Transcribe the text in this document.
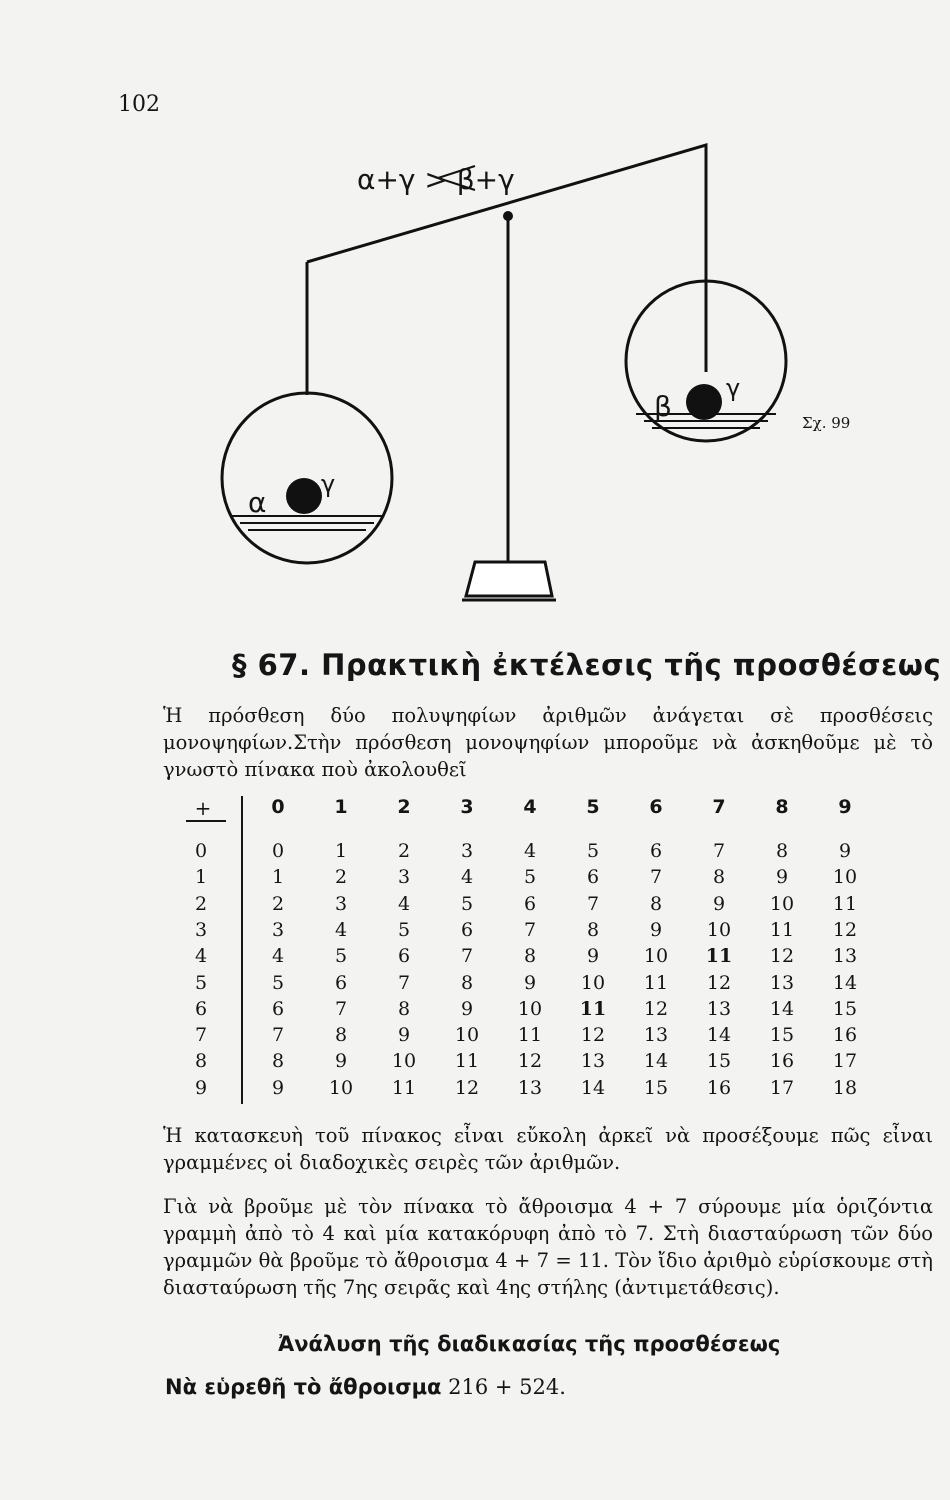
102
α+γ > β+γ
α
γ
β
γ
Σχ. 99
§ 67. Πρακτικὴ ἐκτέλεσις τῆς προσθέσεως
Ἡ πρόσθεση δύο πολυψηφίων ἀριθμῶν ἀνάγεται σὲ προσθέσεις μονοψηφίων.Στὴν πρόσθεση μονοψηφίων μποροῦμε νὰ ἀσκηθοῦμε μὲ τὸ γνωστὸ πίνακα ποὺ ἀκολουθεῖ
+	0	1	2	3	4	5	6	7	8	9
0	0	1	2	3	4	5	6	7	8	9
1	1	2	3	4	5	6	7	8	9	10
2	2	3	4	5	6	7	8	9	10	11
3	3	4	5	6	7	8	9	10	11	12
4	4	5	6	7	8	9	10	11	12	13
5	5	6	7	8	9	10	11	12	13	14
6	6	7	8	9	10	11	12	13	14	15
7	7	8	9	10	11	12	13	14	15	16
8	8	9	10	11	12	13	14	15	16	17
9	9	10	11	12	13	14	15	16	17	18
Ἡ κατασκευὴ τοῦ πίνακος εἶναι εὔκολη ἀρκεῖ νὰ προσέξουμε πῶς εἶναι γραμμένες οἱ διαδοχικὲς σειρὲς τῶν ἀριθμῶν.
Γιὰ νὰ βροῦμε μὲ τὸν πίνακα τὸ ἄθροισμα 4 + 7 σύρουμε μία ὁριζόντια γραμμὴ ἀπὸ τὸ 4 καὶ μία κατακόρυφη ἀπὸ τὸ 7. Στὴ διασταύρωση τῶν δύο γραμμῶν θὰ βροῦμε τὸ ἄθροισμα 4 + 7 = 11. Τὸν ἴδιο ἀριθμὸ εὑρίσκουμε στὴ διασταύρωση τῆς 7ης σειρᾶς καὶ 4ης στήλης (ἀντιμετάθεσις).
Ἀνάλυση τῆς διαδικασίας τῆς προσθέσεως
Νὰ εὑρεθῆ τὸ ἄθροισμα 216 + 524.
